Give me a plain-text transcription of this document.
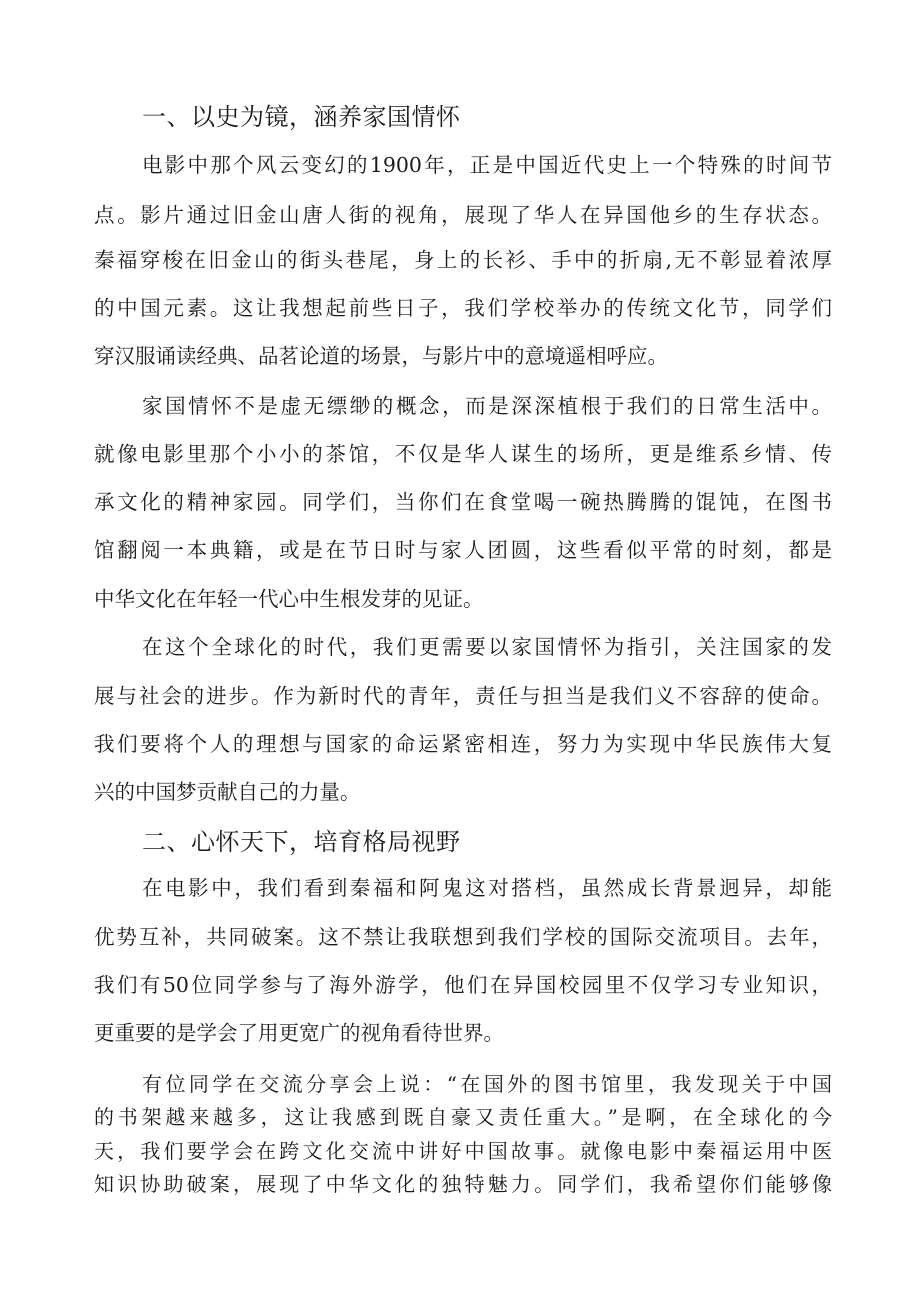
一、以史为镜，涵养家国情怀

电影中那个风云变幻的1900年，正是中国近代史上一个特殊的时间节

点。影片通过旧金山唐人街的视角，展现了华人在异国他乡的生存状态。

秦福穿梭在旧金山的街头巷尾，身上的长衫、手中的折扇,无不彰显着浓厚

的中国元素。这让我想起前些日子，我们学校举办的传统文化节，同学们

穿汉服诵读经典、品茗论道的场景，与影片中的意境遥相呼应。

家国情怀不是虚无缥缈的概念，而是深深植根于我们的日常生活中。

就像电影里那个小小的茶馆，不仅是华人谋生的场所，更是维系乡情、传

承文化的精神家园。同学们，当你们在食堂喝一碗热腾腾的馄饨，在图书

馆翻阅一本典籍，或是在节日时与家人团圆，这些看似平常的时刻，都是

中华文化在年轻一代心中生根发芽的见证。

在这个全球化的时代，我们更需要以家国情怀为指引，关注国家的发

展与社会的进步。作为新时代的青年，责任与担当是我们义不容辞的使命。

我们要将个人的理想与国家的命运紧密相连，努力为实现中华民族伟大复

兴的中国梦贡献自己的力量。

二、心怀天下，培育格局视野

在电影中，我们看到秦福和阿鬼这对搭档，虽然成长背景迥异，却能

优势互补，共同破案。这不禁让我联想到我们学校的国际交流项目。去年，

我们有50位同学参与了海外游学，他们在异国校园里不仅学习专业知识，

更重要的是学会了用更宽广的视角看待世界。

有位同学在交流分享会上说：“在国外的图书馆里，我发现关于中国

的书架越来越多，这让我感到既自豪又责任重大。”是啊，在全球化的今

天，我们要学会在跨文化交流中讲好中国故事。就像电影中秦福运用中医

知识协助破案，展现了中华文化的独特魅力。同学们，我希望你们能够像
